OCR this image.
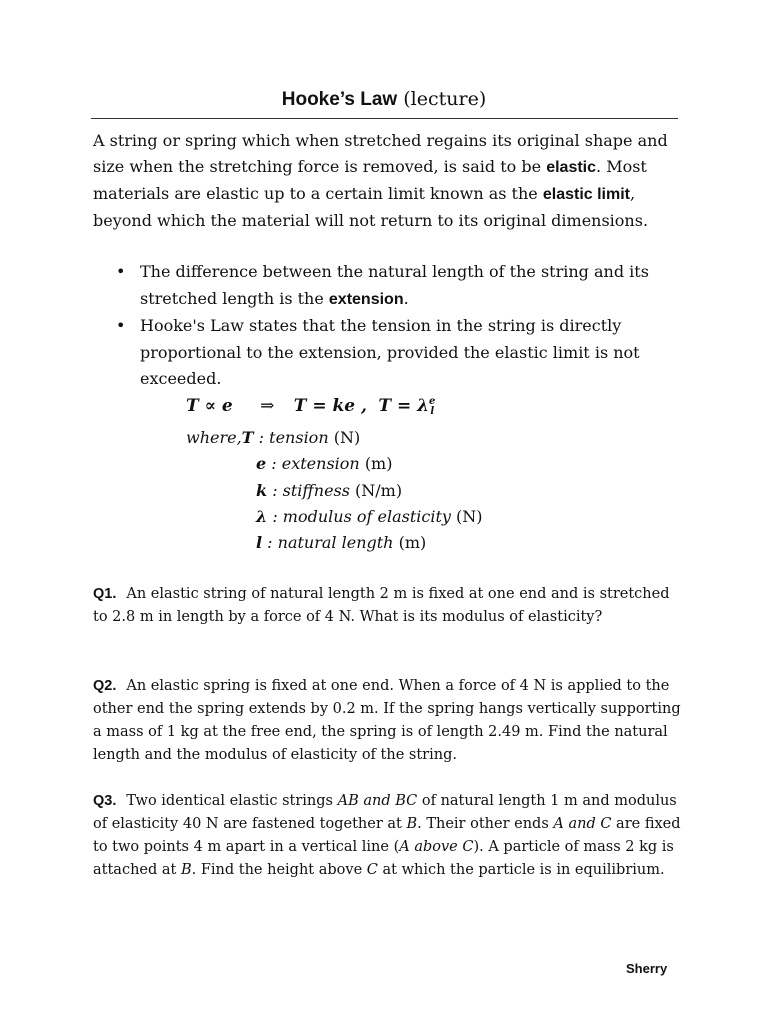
Hooke’s Law (lecture)
A string or spring which when stretched regains its original shape and size when the stretching force is removed, is said to be elastic. Most materials are elastic up to a certain limit known as the elastic limit, beyond which the material will not return to its original dimensions.
• The difference between the natural length of the string and its stretched length is the extension.
• Hooke's Law states that the tension in the string is directly proportional to the extension, provided the elastic limit is not exceeded.
T ∝ e ⇒ T = ke , T = λ e
l
where,T : tension (N)
e : extension (m)
k : stiffness (N/m)
λ : modulus of elasticity (N)
l : natural length (m)
Q1. An elastic string of natural length 2 m is fixed at one end and is stretched to 2.8 m in length by a force of 4 N. What is its modulus of elasticity?
Q2. An elastic spring is fixed at one end. When a force of 4 N is applied to the other end the spring extends by 0.2 m. If the spring hangs vertically supporting a mass of 1 kg at the free end, the spring is of length 2.49 m. Find the natural length and the modulus of elasticity of the string.
Q3. Two identical elastic strings AB and BC of natural length 1 m and modulus of elasticity 40 N are fastened together at B. Their other ends A and C are fixed to two points 4 m apart in a vertical line (A above C). A particle of mass 2 kg is attached at B. Find the height above C at which the particle is in equilibrium.
Sherry
